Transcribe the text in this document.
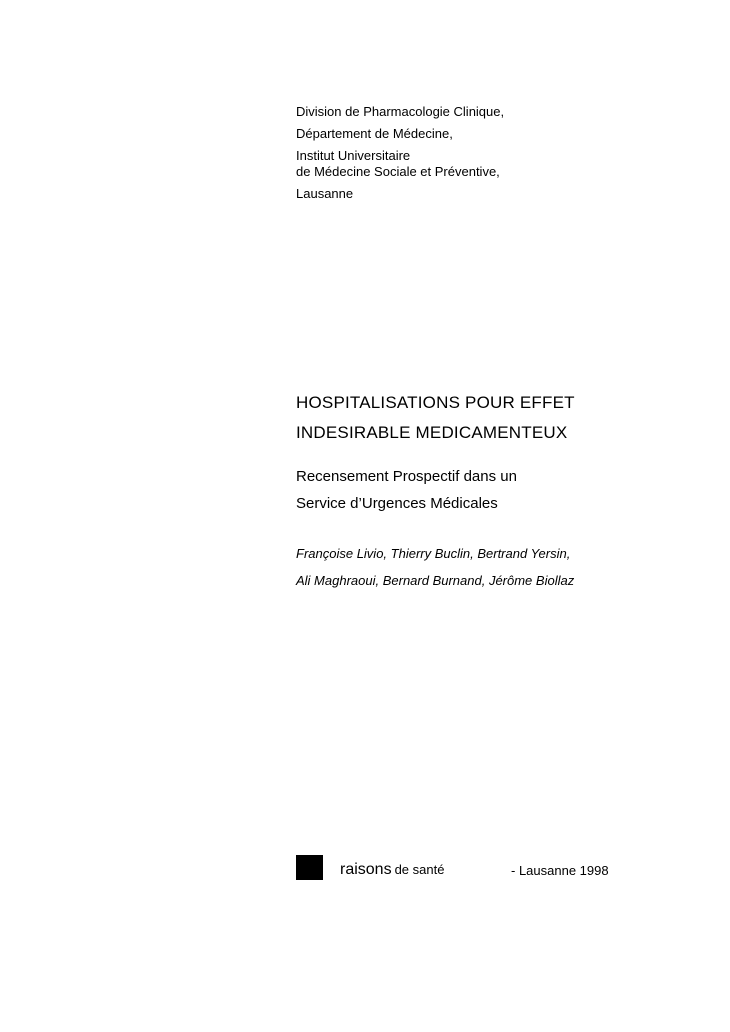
Division de Pharmacologie Clinique,
Département de Médecine,
Institut Universitaire
de Médecine Sociale et Préventive,
Lausanne
HOSPITALISATIONS POUR EFFET
INDESIRABLE MEDICAMENTEUX
Recensement Prospectif dans un
Service d’Urgences Médicales
Françoise Livio, Thierry Buclin, Bertrand Yersin,
Ali Maghraoui, Bernard Burnand, Jérôme Biollaz
raisons de santé	- Lausanne 1998
